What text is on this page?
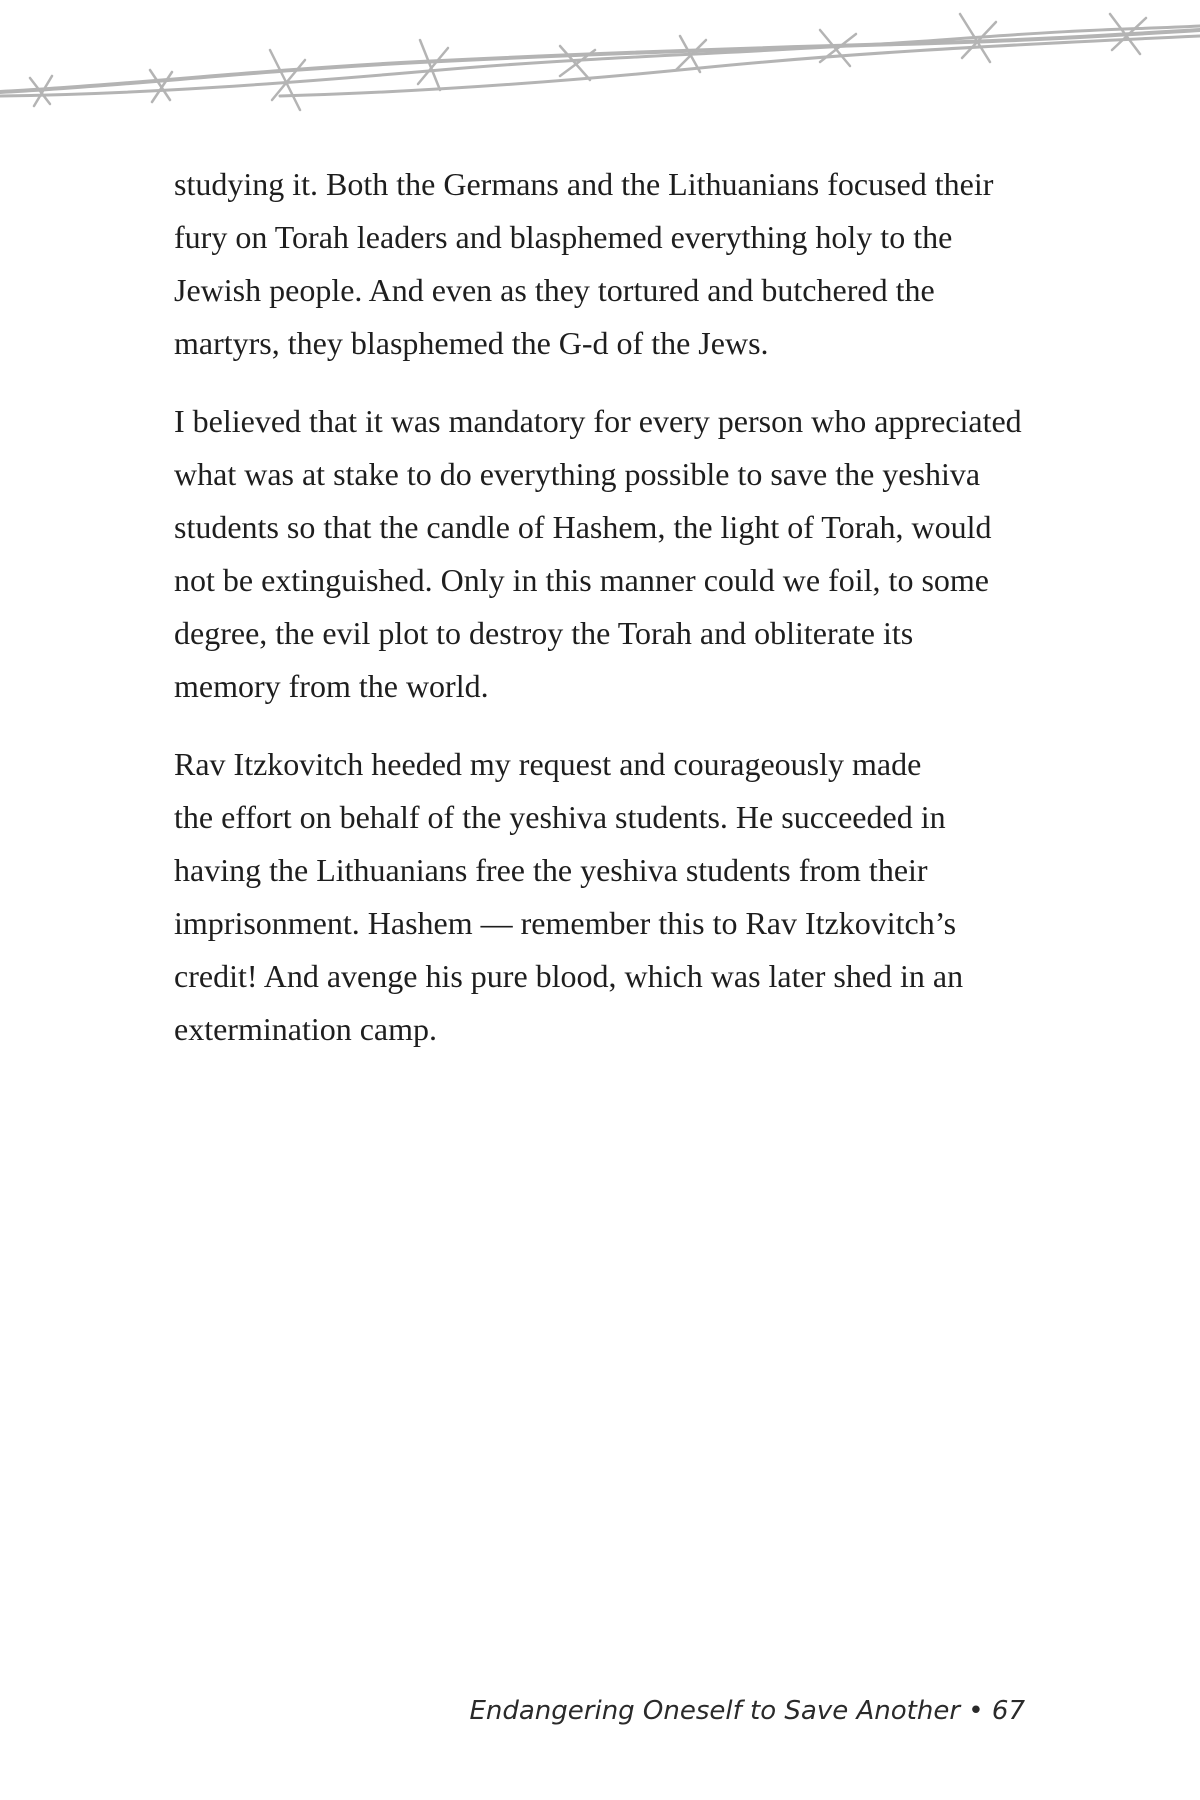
studying it. Both the Germans and the Lithuanians focused their
fury on Torah leaders and blasphemed everything holy to the
Jewish people. And even as they tortured and butchered the
martyrs, they blasphemed the G-d of the Jews.

I believed that it was mandatory for every person who appreciated
what was at stake to do everything possible to save the yeshiva
students so that the candle of Hashem, the light of Torah, would
not be extinguished. Only in this manner could we foil, to some
degree, the evil plot to destroy the Torah and obliterate its
memory from the world.

Rav Itzkovitch heeded my request and courageously made
the effort on behalf of the yeshiva students. He succeeded in
having the Lithuanians free the yeshiva students from their
imprisonment. Hashem — remember this to Rav Itzkovitch’s
credit! And avenge his pure blood, which was later shed in an
extermination camp.

Endangering Oneself to Save Another • 67
